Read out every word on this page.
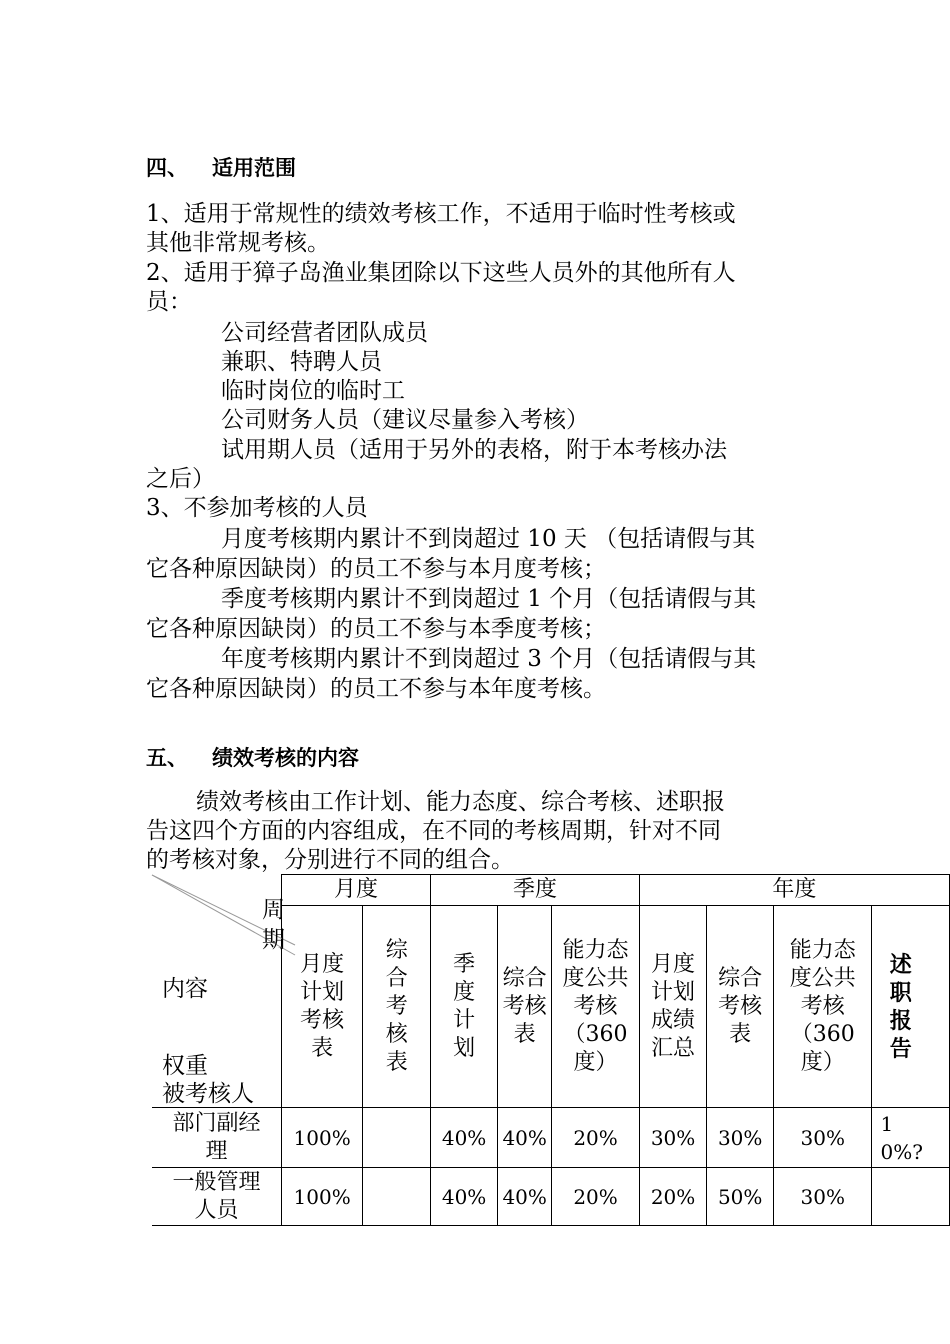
四、 适用范围
1、适用于常规性的绩效考核工作，不适用于临时性考核或
其他非常规考核。
2、适用于獐子岛渔业集团除以下这些人员外的其他所有人
员：
公司经营者团队成员
兼职、特聘人员
临时岗位的临时工
公司财务人员（建议尽量参入考核）
试用期人员（适用于另外的表格，附于本考核办法
之后）
3、不参加考核的人员
月度考核期内累计不到岗超过 10 天 （包括请假与其
它各种原因缺岗）的员工不参与本月度考核；
季度考核期内累计不到岗超过 1 个月（包括请假与其
它各种原因缺岗）的员工不参与本季度考核；
年度考核期内累计不到岗超过 3 个月（包括请假与其
它各种原因缺岗）的员工不参与本年度考核。
五、 绩效考核的内容
绩效考核由工作计划、能力态度、综合考核、述职报
告这四个方面的内容组成，在不同的考核周期，针对不同
的考核对象，分别进行不同的组合。
周
期
内容
权重
被考核人	月度		季度			年度			
	月度计划考核表	综合考核表	季度计划	综合考核表	能力态度公共考核（360度）	月度计划成绩汇总	综合考核表	能力态度公共考核（360度）	述职报告
部门副经理	100%		40%	40%	20%	30%	30%	30%	10%?
一般管理人员	100%		40%	40%	20%	20%	50%	30%	
